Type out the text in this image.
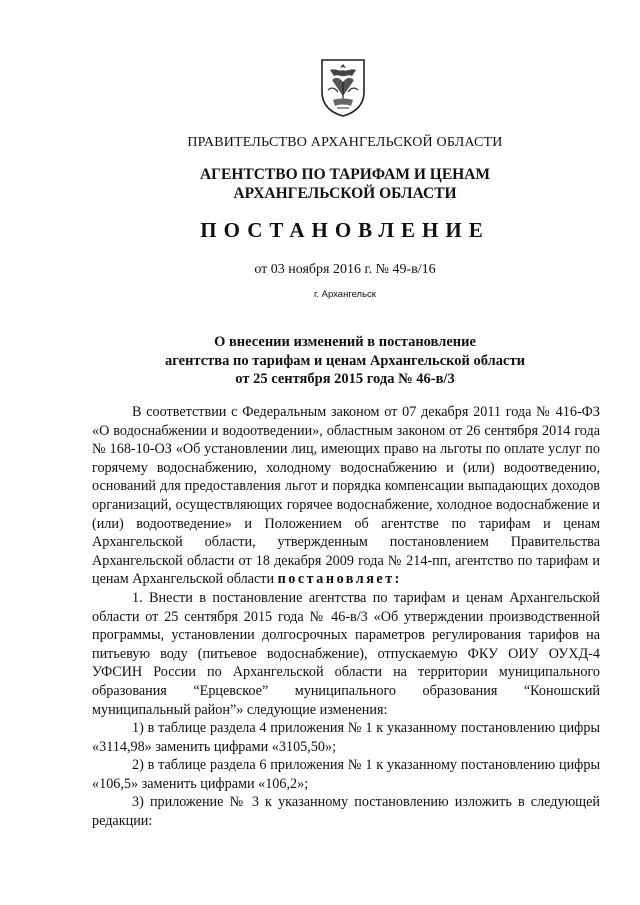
ПРАВИТЕЛЬСТВО АРХАНГЕЛЬСКОЙ ОБЛАСТИ
АГЕНТСТВО ПО ТАРИФАМ И ЦЕНАМ
АРХАНГЕЛЬСКОЙ ОБЛАСТИ
ПОСТАНОВЛЕНИЕ
от 03 ноября 2016 г. № 49-в/16
г. Архангельск
О внесении изменений в постановление
агентства по тарифам и ценам Архангельской области
от 25 сентября 2015 года № 46-в/3

В соответствии с Федеральным законом от 07 декабря 2011 года № 416-ФЗ «О водоснабжении и водоотведении», областным законом от 26 сентября 2014 года № 168-10-ОЗ «Об установлении лиц, имеющих право на льготы по оплате услуг по горячему водоснабжению, холодному водоснабжению и (или) водоотведению, оснований для предоставления льгот и порядка компенсации выпадающих доходов организаций, осуществляющих горячее водоснабжение, холодное водоснабжение и (или) водоотведение» и Положением об агентстве по тарифам и ценам Архангельской области, утвержденным постановлением Правительства Архангельской области от 18 декабря 2009 года № 214-пп, агентство по тарифам и ценам Архангельской области постановляет:

1. Внести в постановление агентства по тарифам и ценам Архангельской области от 25 сентября 2015 года № 46-в/3 «Об утверждении производственной программы, установлении долгосрочных параметров регулирования тарифов на питьевую воду (питьевое водоснабжение), отпускаемую ФКУ ОИУ ОУХД-4 УФСИН России по Архангельской области на территории муниципального образования “Ерцевское” муниципального образования “Коношский муниципальный район”» следующие изменения:

1) в таблице раздела 4 приложения № 1 к указанному постановлению цифры «3114,98» заменить цифрами «3105,50»;

2) в таблице раздела 6 приложения № 1 к указанному постановлению цифры «106,5» заменить цифрами «106,2»;

3) приложение № 3 к указанному постановлению изложить в следующей редакции:
